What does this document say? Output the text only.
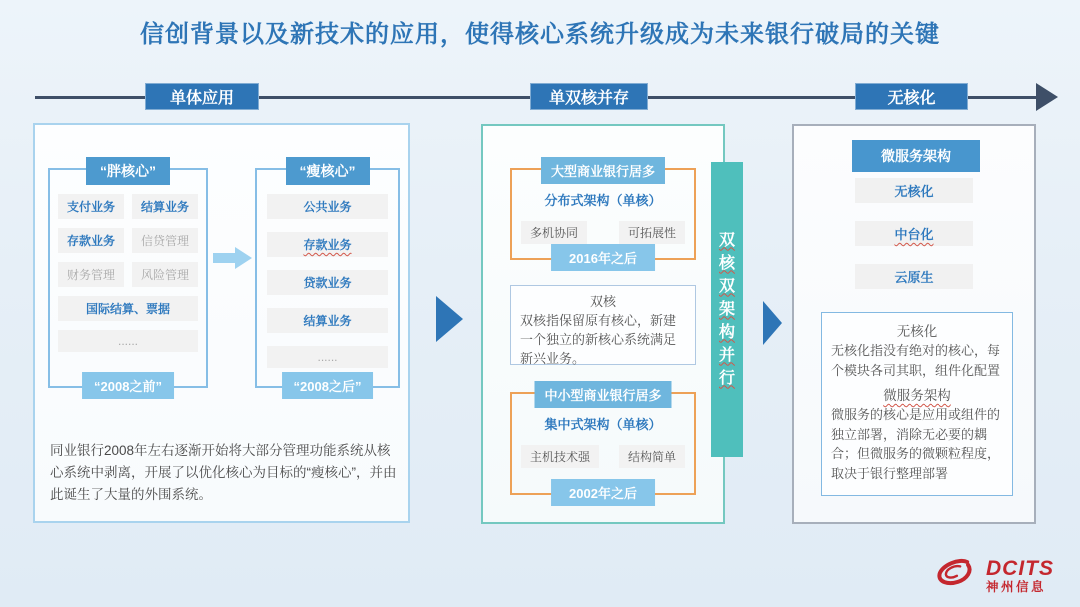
信创背景以及新技术的应用，使得核心系统升级成为未来银行破局的关键
单体应用	单双核并存	无核化
“胖核心”
支付业务	结算业务
存款业务	信贷管理
财务管理	风险管理
国际结算、票据
......
“2008之前”
“瘦核心”
公共业务
存款业务
贷款业务
结算业务
......
“2008之后”

同业银行2008年左右逐渐开始将大部分管理功能系统从核心系统中剥离，开展了以优化核心为目标的“瘦核心”，并由此诞生了大量的外围系统。

大型商业银行居多
分布式架构（单核）
多机协同	可拓展性
2016年之后
双核
双核指保留原有核心，新建一个独立的新核心系统满足新兴业务。
中小型商业银行居多
集中式架构（单核）
主机技术强	结构简单
2002年之后
双
核
双
架
构
并
行
微服务架构
无核化
中台化
云原生
无核化

无核化指没有绝对的核心，每个模块各司其职，组件化配置

微服务架构

微服务的核心是应用或组件的独立部署，消除无必要的耦合；但微服务的微颗粒程度，取决于银行整理部署

DCITS
神州信息
